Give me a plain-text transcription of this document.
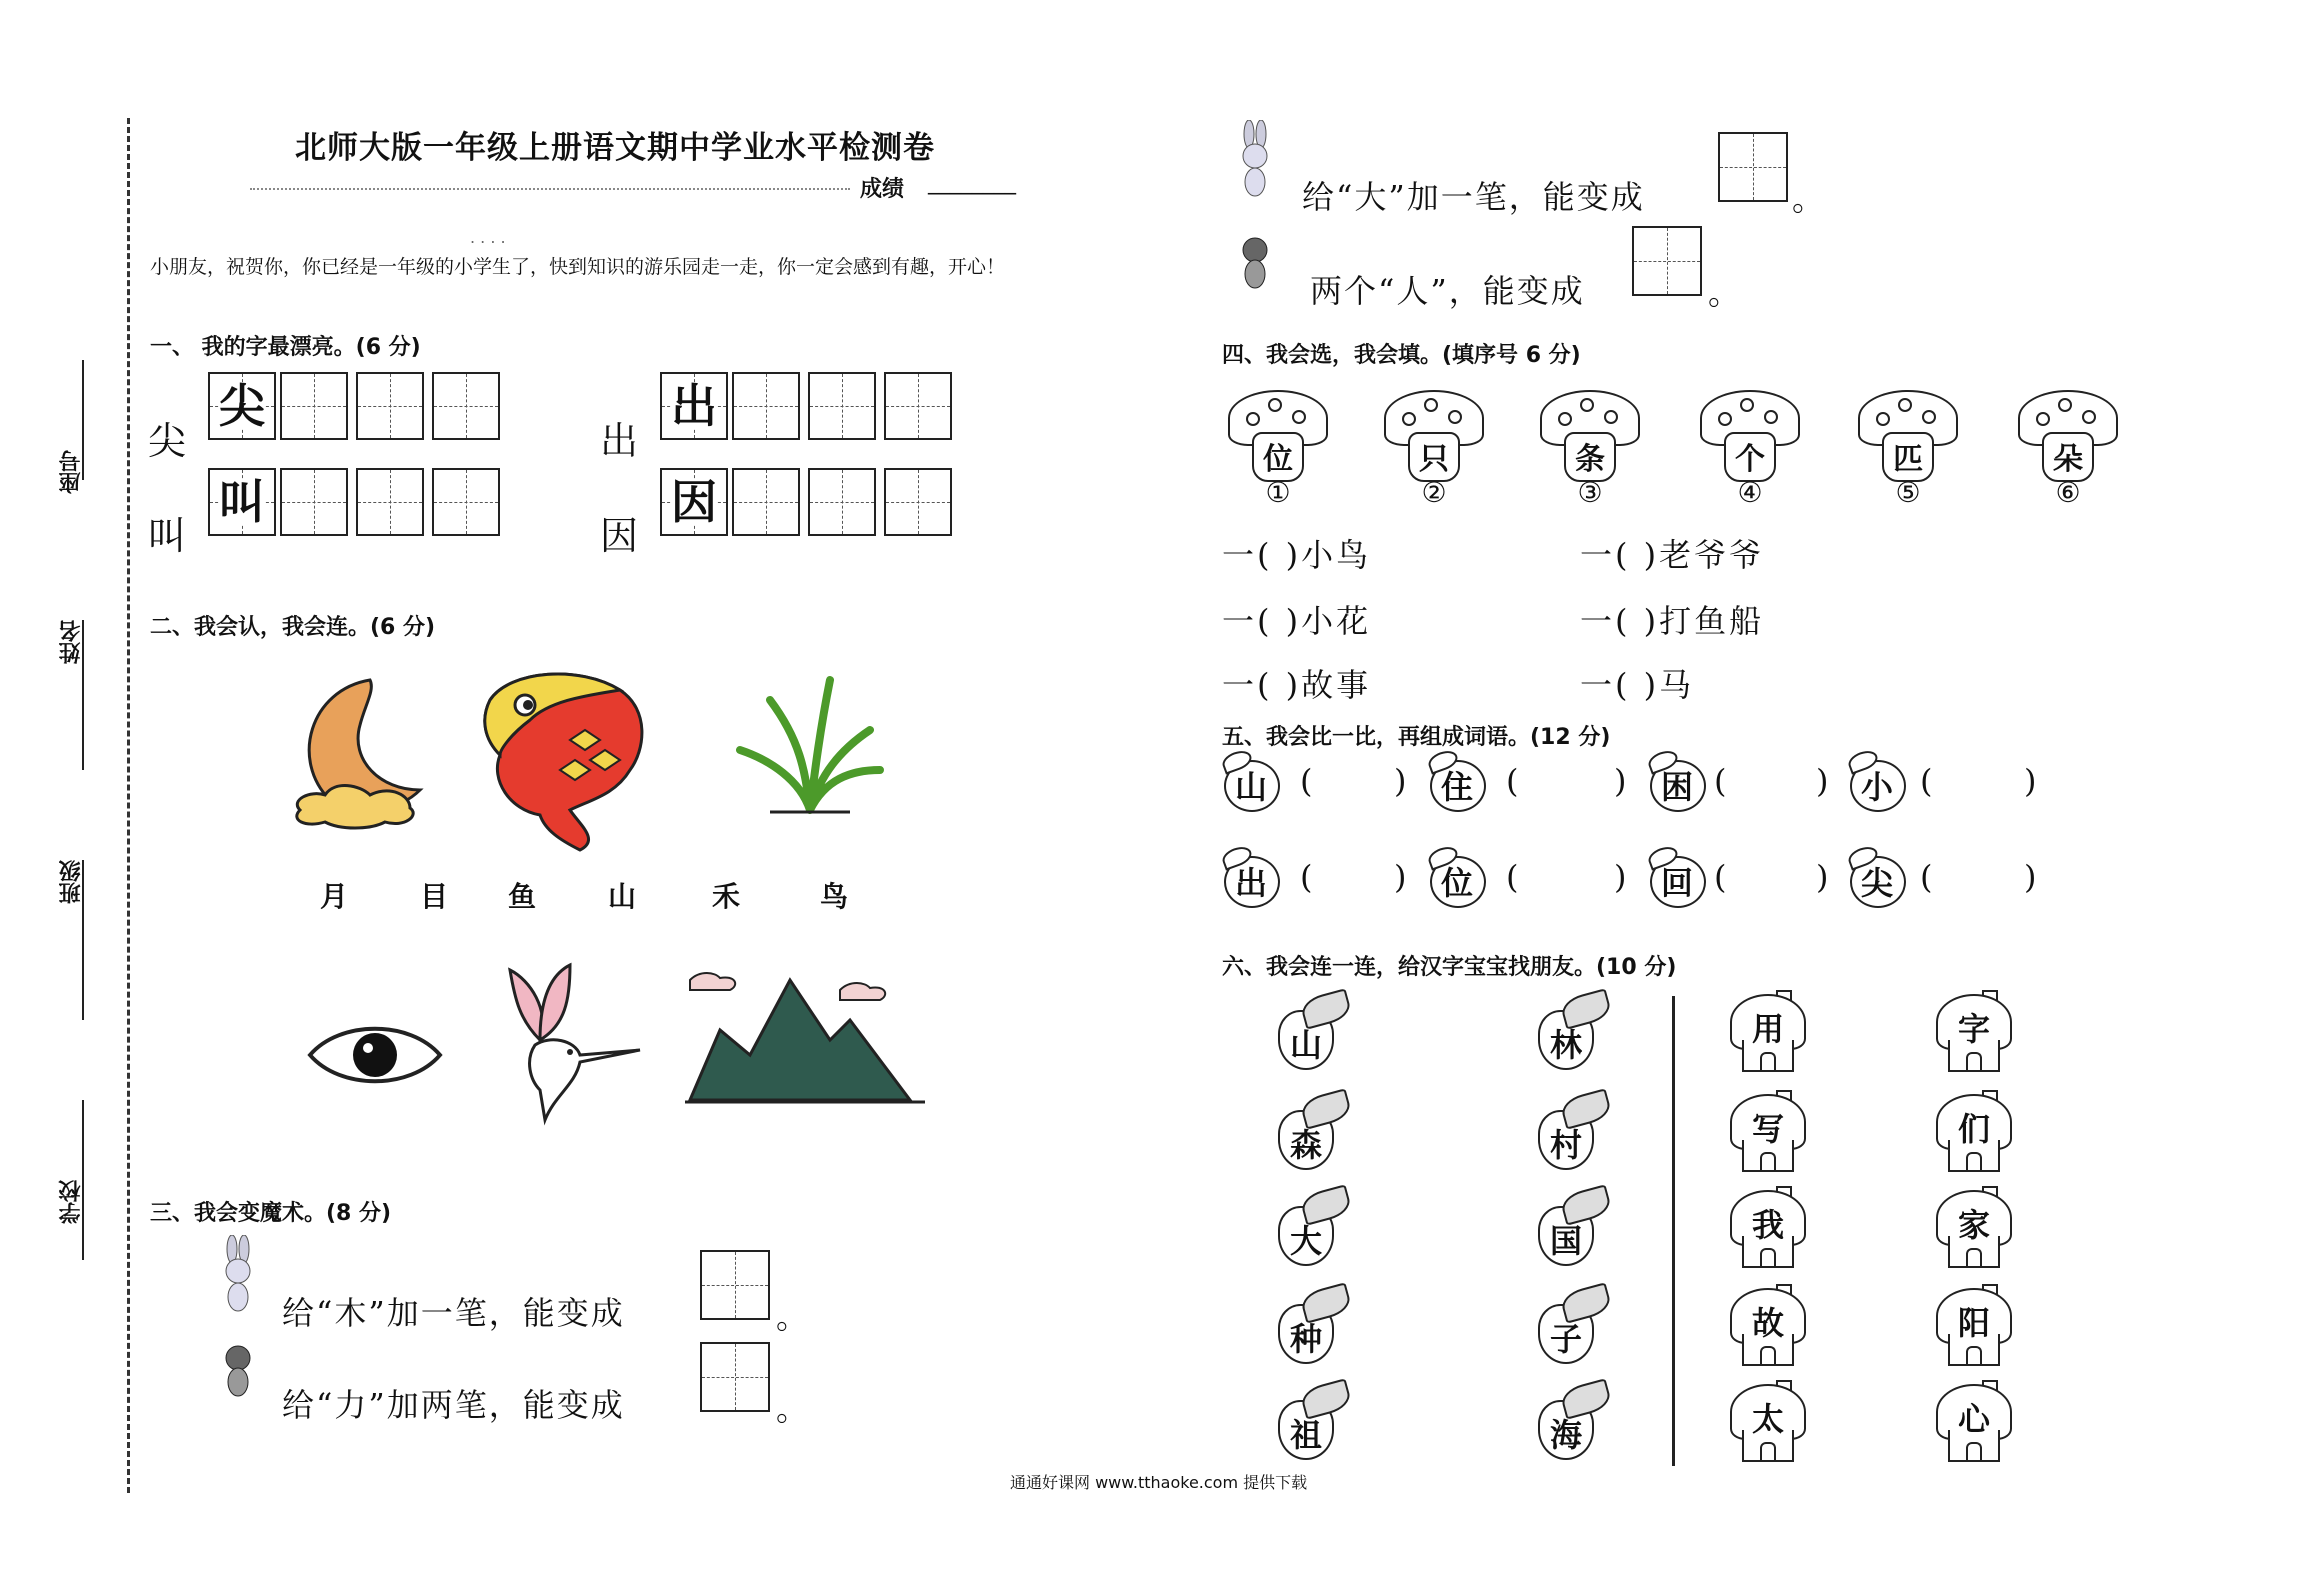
座号
姓名
班级
学校
北师大版一年级上册语文期中学业水平检测卷
成绩 ________
. . . .
小朋友，祝贺你，你已经是一年级的小学生了，快到知识的游乐园走一走，你一定会感到有趣，开心！
一、 我的字最漂亮。(6 分)
尖
尖
叫
叫
出
出
因
因
二、我会认，我会连。(6 分)
月	目 鱼	山	禾	鸟
三、我会变魔术。(8 分)
给“木”加一笔，能变成	。
给“力”加两笔，能变成	。
给“大”加一笔，能变成	。
两个“人”，能变成	。
四、我会选，我会填。(填序号 6 分)
位
①
只
②
条
③
个
④
匹
⑤
朵
⑥
一( )小鸟	一( )老爷爷
一( )小花	一( )打鱼船
一( )故事	一( )马
五、我会比一比，再组成词语。(12 分)
山 (	) 住 (	) 困 (	) 小 (	)
出 (	) 位 (	) 回 (	) 尖 (	)
六、我会连一连，给汉字宝宝找朋友。(10 分)
山
森
大
种
祖
林
村
国
子
海
用
写
我
故
太
字
们
家
阳
心
通通好课网 www.tthaoke.com 提供下载
